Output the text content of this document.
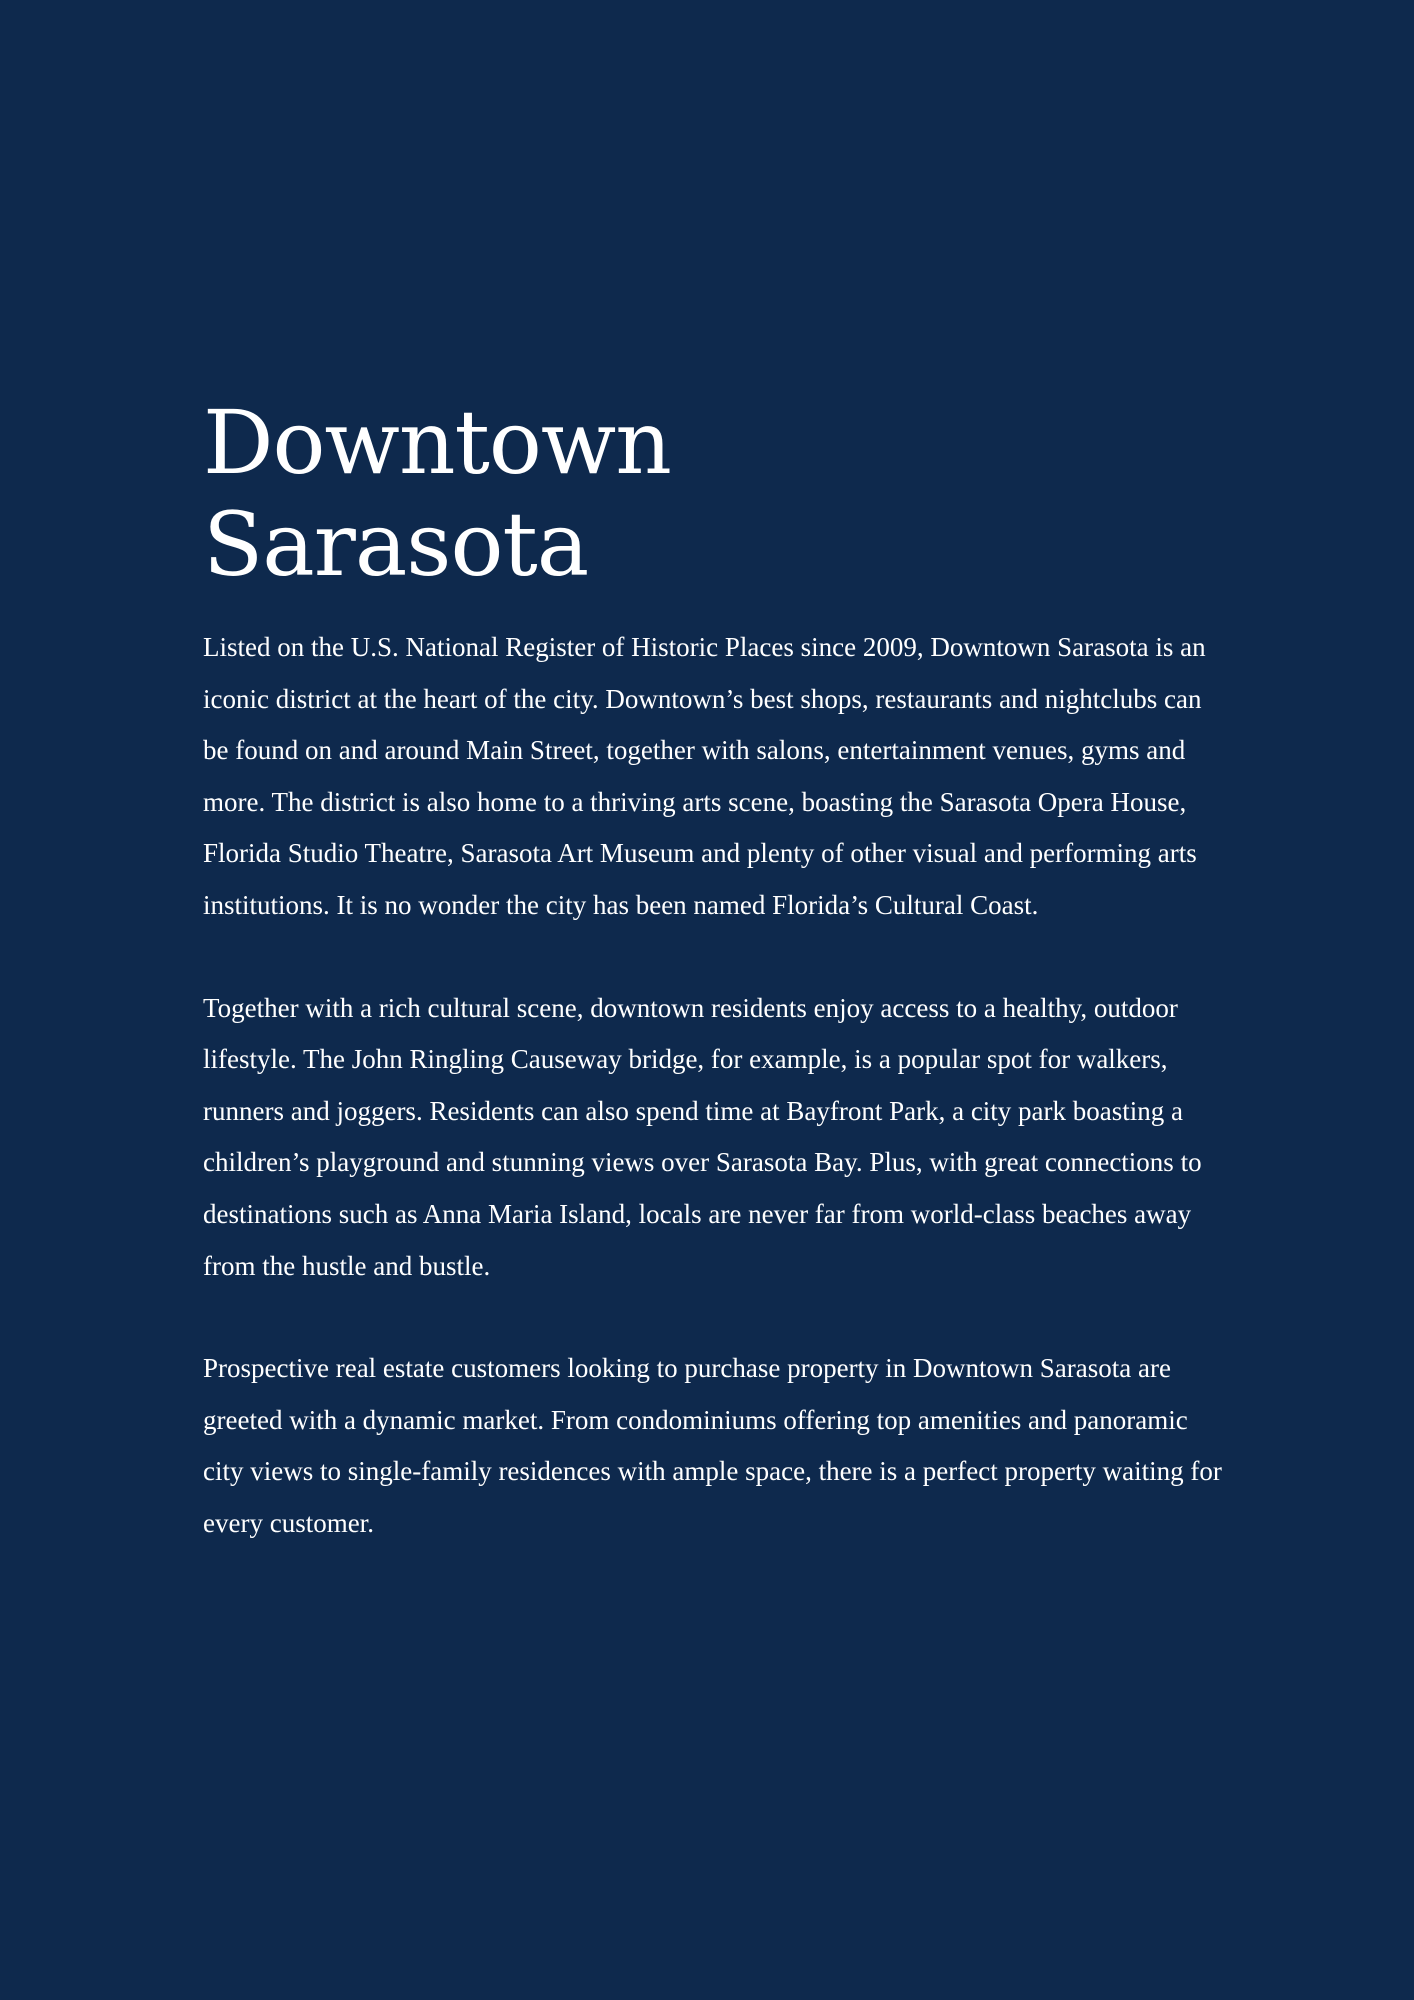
Downtown
Sarasota

Listed on the U.S. National Register of Historic Places since 2009, Downtown Sarasota is an iconic district at the heart of the city. Downtown’s best shops, restaurants and nightclubs can be found on and around Main Street, together with salons, entertainment venues, gyms and more. The district is also home to a thriving arts scene, boasting the Sarasota Opera House, Florida Studio Theatre, Sarasota Art Museum and plenty of other visual and performing arts institutions. It is no wonder the city has been named Florida’s Cultural Coast.

Together with a rich cultural scene, downtown residents enjoy access to a healthy, outdoor lifestyle. The John Ringling Causeway bridge, for example, is a popular spot for walkers, runners and joggers. Residents can also spend time at Bayfront Park, a city park boasting a children’s playground and stunning views over Sarasota Bay. Plus, with great connections to destinations such as Anna Maria Island, locals are never far from world-class beaches away from the hustle and bustle.

Prospective real estate customers looking to purchase property in Downtown Sarasota are greeted with a dynamic market. From condominiums offering top amenities and panoramic city views to single-family residences with ample space, there is a perfect property waiting for every customer.
